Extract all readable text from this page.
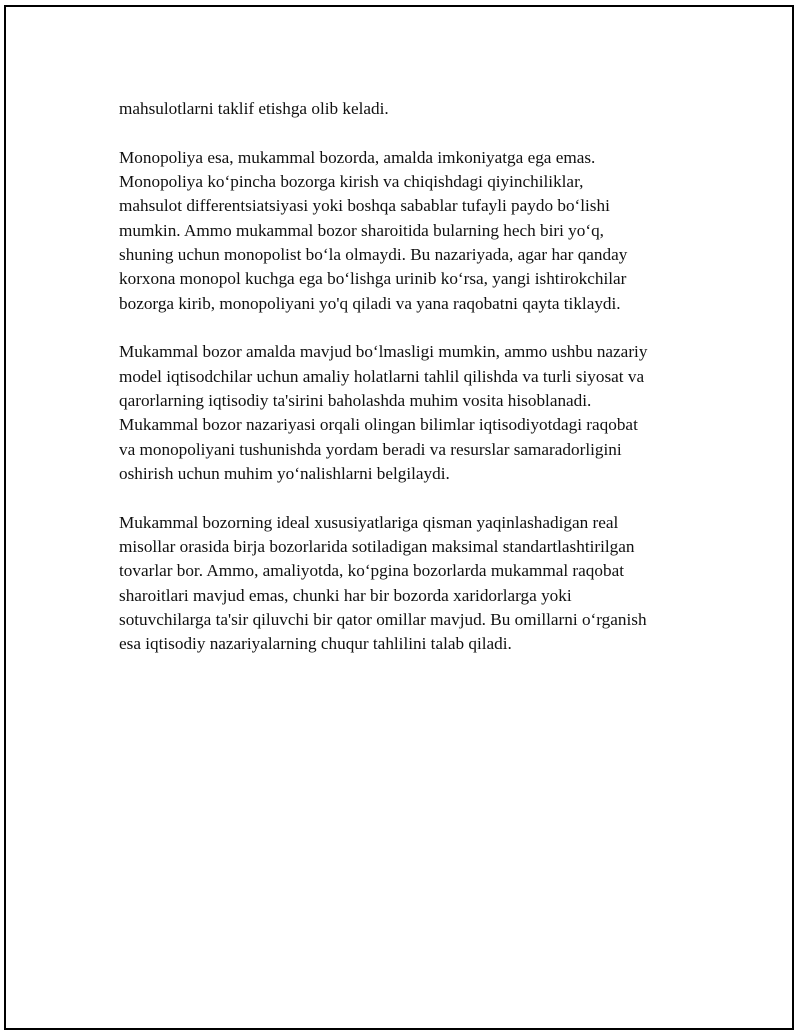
mahsulotlarni taklif etishga olib keladi.

Monopoliya esa, mukammal bozorda, amalda imkoniyatga ega emas.
Monopoliya ko‘pincha bozorga kirish va chiqishdagi qiyinchiliklar,
mahsulot differentsiatsiyasi yoki boshqa sabablar tufayli paydo bo‘lishi
mumkin. Ammo mukammal bozor sharoitida bularning hech biri yo‘q,
shuning uchun monopolist bo‘la olmaydi. Bu nazariyada, agar har qanday
korxona monopol kuchga ega bo‘lishga urinib ko‘rsa, yangi ishtirokchilar
bozorga kirib, monopoliyani yo'q qiladi va yana raqobatni qayta tiklaydi.

Mukammal bozor amalda mavjud bo‘lmasligi mumkin, ammo ushbu nazariy
model iqtisodchilar uchun amaliy holatlarni tahlil qilishda va turli siyosat va
qarorlarning iqtisodiy ta'sirini baholashda muhim vosita hisoblanadi.
Mukammal bozor nazariyasi orqali olingan bilimlar iqtisodiyotdagi raqobat
va monopoliyani tushunishda yordam beradi va resurslar samaradorligini
oshirish uchun muhim yo‘nalishlarni belgilaydi.

Mukammal bozorning ideal xususiyatlariga qisman yaqinlashadigan real
misollar orasida birja bozorlarida sotiladigan maksimal standartlashtirilgan
tovarlar bor. Ammo, amaliyotda, ko‘pgina bozorlarda mukammal raqobat
sharoitlari mavjud emas, chunki har bir bozorda xaridorlarga yoki
sotuvchilarga ta'sir qiluvchi bir qator omillar mavjud. Bu omillarni o‘rganish
esa iqtisodiy nazariyalarning chuqur tahlilini talab qiladi.
